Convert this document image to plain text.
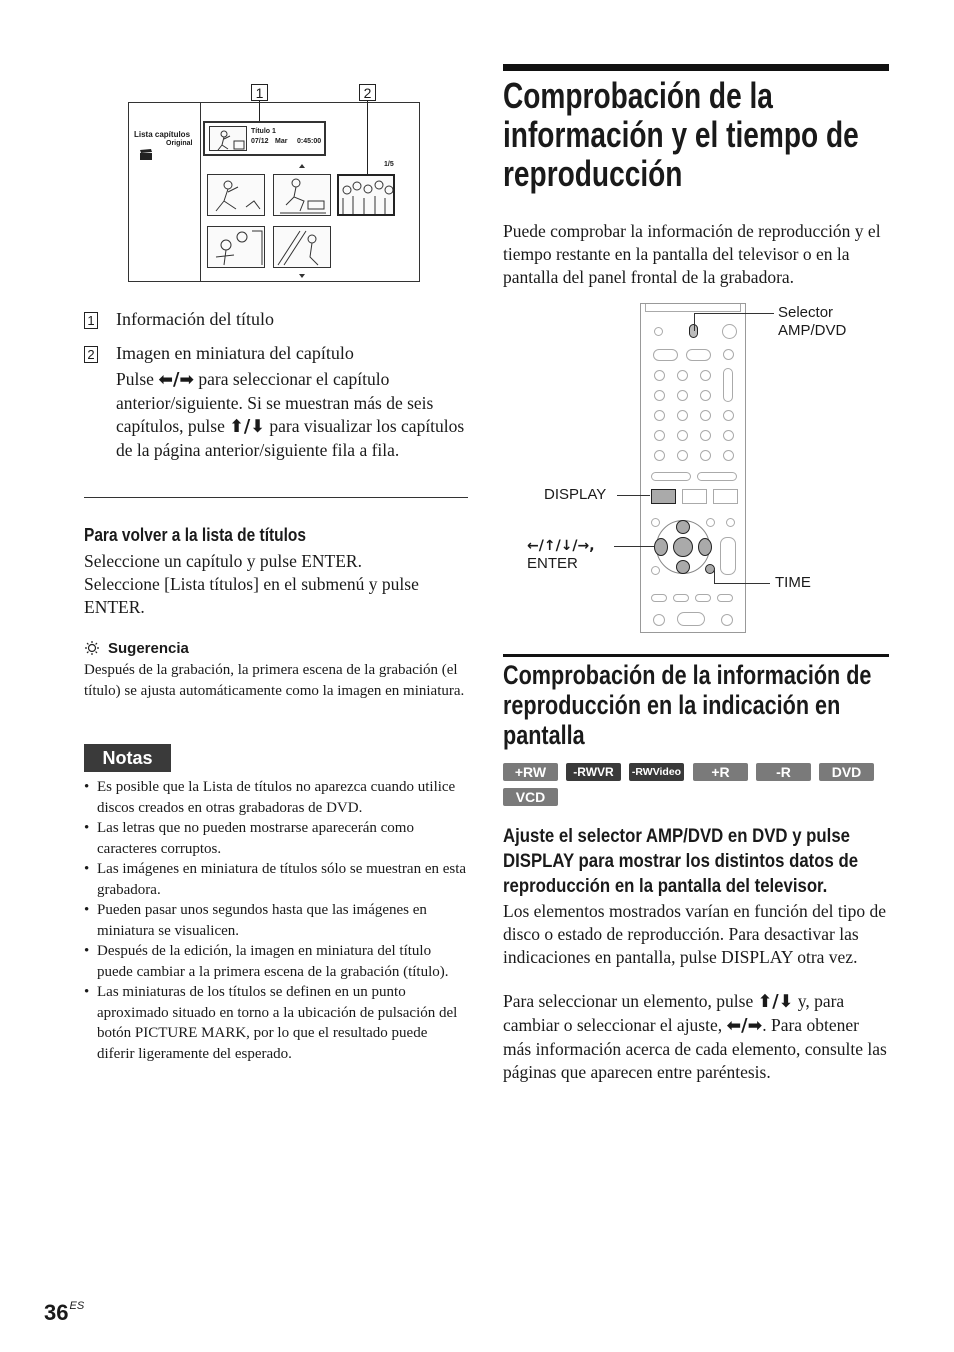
1	2
Lista capítulos
Original
Título 1
07/12 Mar 0:45:00
1/5
1 Información del título
2 Imagen en miniatura del capítulo
Pulse ⬅/➡ para seleccionar el capítulo anterior/siguiente. Si se muestran más de seis capítulos, pulse ⬆/⬇ para visualizar los capítulos de la página anterior/siguiente fila a fila.
Para volver a la lista de títulos
Seleccione un capítulo y pulse ENTER.
Seleccione [Lista títulos] en el submenú y pulse ENTER.
Sugerencia
Después de la grabación, la primera escena de la grabación (el título) se ajusta automáticamente como la imagen en miniatura.
Notas
• Es posible que la Lista de títulos no aparezca cuando utilice discos creados en otras grabadoras de DVD.
• Las letras que no pueden mostrarse aparecerán como caracteres corruptos.
• Las imágenes en miniatura de títulos sólo se muestran en esta grabadora.
• Pueden pasar unos segundos hasta que las imágenes en miniatura se visualicen.
• Después de la edición, la imagen en miniatura del título puede cambiar a la primera escena de la grabación (título).
• Las miniaturas de los títulos se definen en un punto aproximado situado en torno a la ubicación de pulsación del botón PICTURE MARK, por lo que el resultado puede diferir ligeramente del esperado.
$36^{ES}$
Comprobación de la
información y el tiempo de
reproducción
Puede comprobar la información de reproducción y el tiempo restante en la pantalla del televisor o en la pantalla del panel frontal de la grabadora.
Selector
AMP/DVD
DISPLAY
←/↑/↓/→,
ENTER
TIME
Comprobación de la información de
reproducción en la indicación en
pantalla
+RW	-RWVR	-RWVideo	+R	-R	DVD
VCD
Ajuste el selector AMP/DVD en DVD y pulse
DISPLAY para mostrar los distintos datos de
reproducción en la pantalla del televisor.
Los elementos mostrados varían en función del tipo de disco o estado de reproducción. Para desactivar las indicaciones en pantalla, pulse DISPLAY otra vez.
Para seleccionar un elemento, pulse ⬆/⬇ y, para cambiar o seleccionar el ajuste, ⬅/➡. Para obtener más información acerca de cada elemento, consulte las páginas que aparecen entre paréntesis.
